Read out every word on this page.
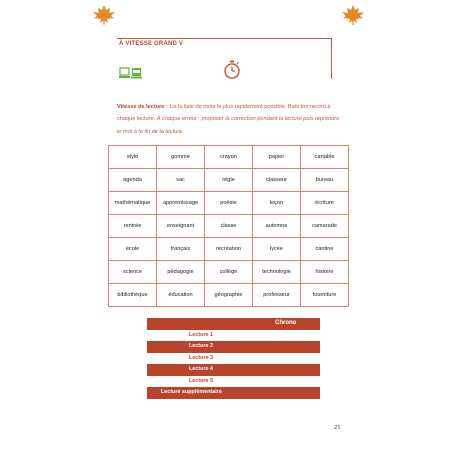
À VITESSE GRAND V
Vitesse de lecture : Lis la liste de mots le plus rapidement possible. Bats ton record à chaque lecture. À chaque erreur : proposer la correction pendant la lecture puis reprendre le mot à la fin de la lecture.
stylo	gomme	crayon	papier	cartable
agenda	sac	règle	classeur	bureau
mathématique	apprentissage	poésie	leçon	écriture
rentrée	enseignant	classe	automne	camarade
école	français	récréation	lycée	cantine
science	pédagogie	collège	technologie	histoire
bibliothèque	éducation	géographie	professeur	fourniture
Chrono
Lecture 1
Lecture 2
Lecture 3
Lecture 4
Lecture 5
Lecture supplémentaire
21
